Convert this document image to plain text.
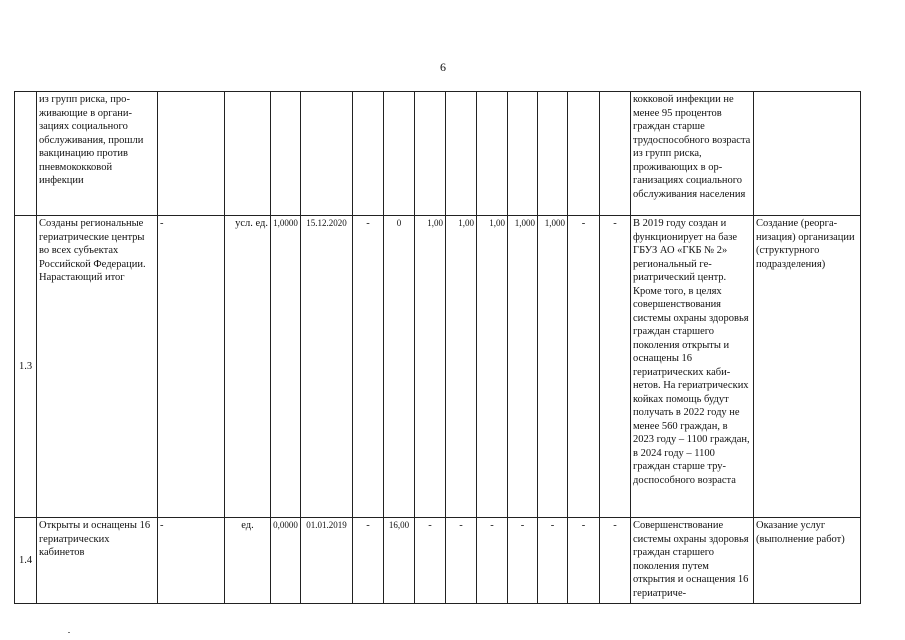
6
	из групп риска, проживающие в организациях социального обслуживания, прошли вакцинацию против пневмококковой инфекции														кокковой инфекции не менее 95 процентов граждан старше трудоспособного возраста из групп риска, проживающих в организациях социального обслуживания населения	
1.3	Созданы региональные гериатрические центры во всех субъектах Российской Федерации. Нарастающий итог	-	усл. ед.	1,0000	15.12.2020	-	0	1,00	1,00	1,00	1,000	1,000	-	-	В 2019 году создан и функционирует на базе ГБУЗ АО «ГКБ № 2» региональный гериатрический центр. Кроме того, в целях совершенствования системы охраны здоровья граждан старшего поколения открыты и оснащены 16 гериатрических кабинетов. На гериатрических койках помощь будут получать в 2022 году не менее 560 граждан, в 2023 году – 1100 граждан, в 2024 году – 1100 граждан старше трудоспособного возраста	Создание (реорганизация) организации (структурного подразделения)
1.4	Открыты и оснащены 16 гериатрических кабинетов	-	ед.	0,0000	01.01.2019	-	16,00	-	-	-	-	-	-	-	Совершенствование системы охраны здоровья граждан старшего поколения путем открытия и оснащения 16 гериатриче-	Оказание услуг (выполнение работ)
